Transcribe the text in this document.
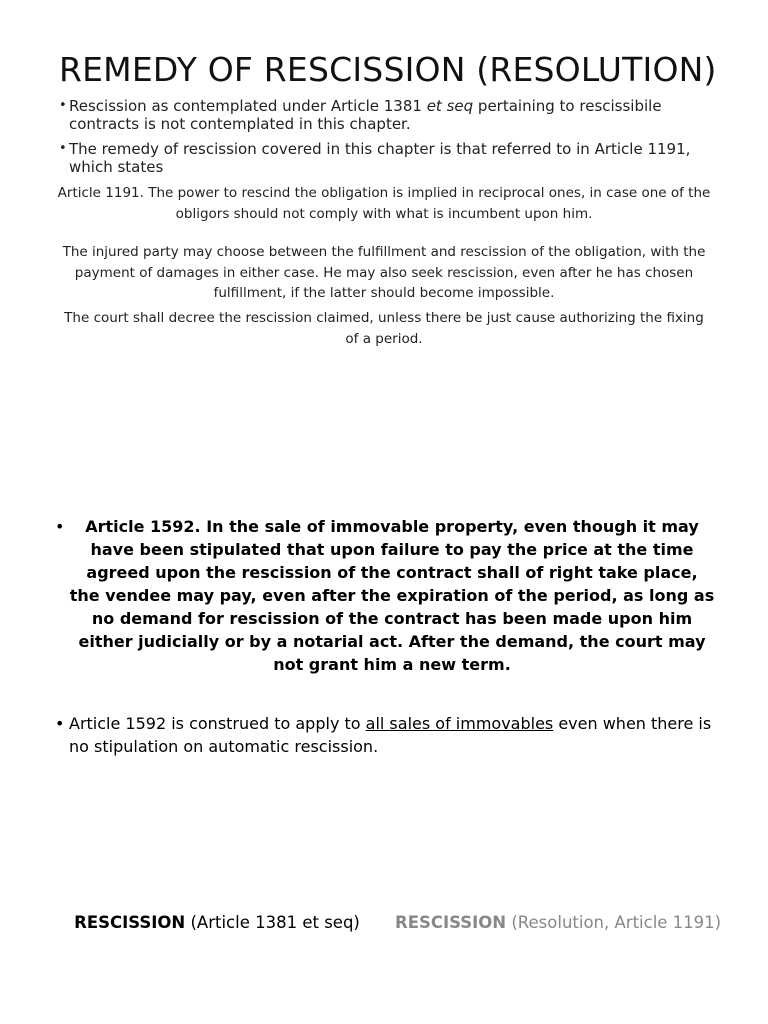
REMEDY OF RESCISSION (RESOLUTION)
• Rescission as contemplated under Article 1381 et seq pertaining to rescissibile contracts is not contemplated in this chapter.
• The remedy of rescission covered in this chapter is that referred to in Article 1191, which states
Article 1191. The power to rescind the obligation is implied in reciprocal ones, in case one of the obligors should not comply with what is incumbent upon him.
The injured party may choose between the fulfillment and rescission of the obligation, with the payment of damages in either case. He may also seek rescission, even after he has chosen fulfillment, if the latter should become impossible.
The court shall decree the rescission claimed, unless there be just cause authorizing the fixing of a period.
•	Article 1592. In the sale of immovable property, even though it may have been stipulated that upon failure to pay the price at the time agreed upon the rescission of the contract shall of right take place, the vendee may pay, even after the expiration of the period, as long as no demand for rescission of the contract has been made upon him either judicially or by a notarial act. After the demand, the court may not grant him a new term.
• Article 1592 is construed to apply to all sales of immovables even when there is no stipulation on automatic rescission.
RESCISSION (Article 1381 et seq)	RESCISSION (Resolution, Article 1191)
